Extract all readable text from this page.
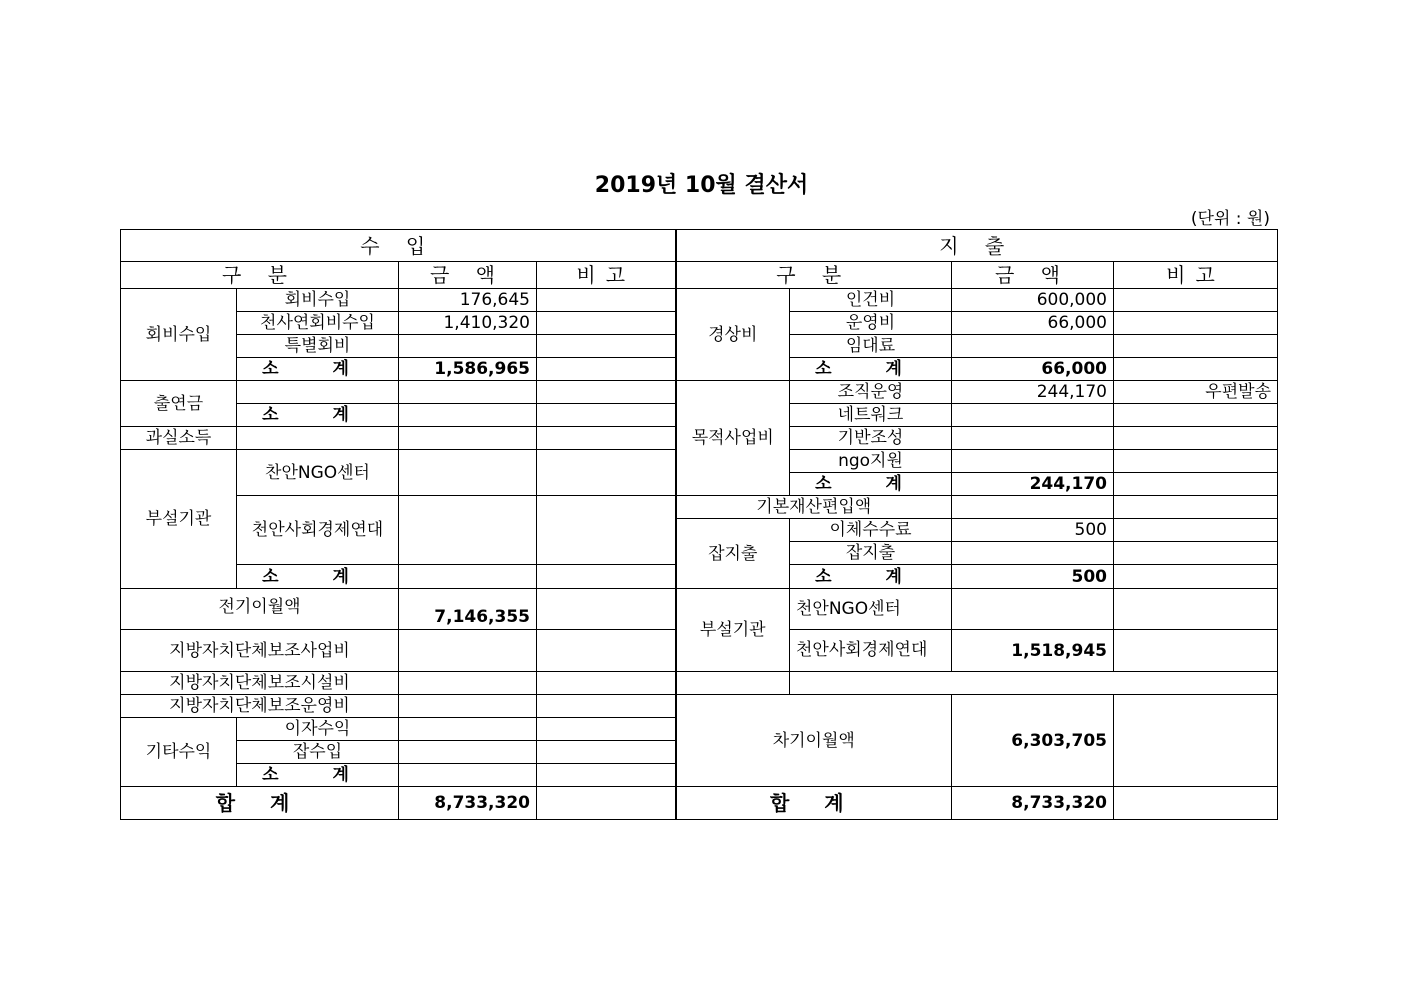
2019년 10월 결산서
(단위 : 원)
수 입				지 출			
구 분		금 액	비고	구 분		금 액	비고
회비수입	회비수입	176,645		경상비	인건비	600,000	
	천사연회비수입	1,410,320			운영비	66,000	
	특별회비				임대료		
	소 계	1,586,965			소 계	66,000	
출연금				목적사업비	조직운영	244,170	우편발송
	소 계				네트워크		
과실소득					기반조성		
부설기관	찬안NGO센터				ngo지원		
					소 계	244,170	
	천안사회경제연대			기본재산편입액			
				잡지출	이체수수료	500	
					잡지출		
	소 계				소 계	500	
전기이월액		7,146,355		부설기관	천안NGO센터		
지방자치단체보조사업비					천안사회경제연대	1,518,945	
지방자치단체보조시설비							
지방자치단체보조운영비				차기이월액		6,303,705	
기타수익	이자수익						
	잡수입						
	소 계						
합 계		8,733,320		합 계		8,733,320	
